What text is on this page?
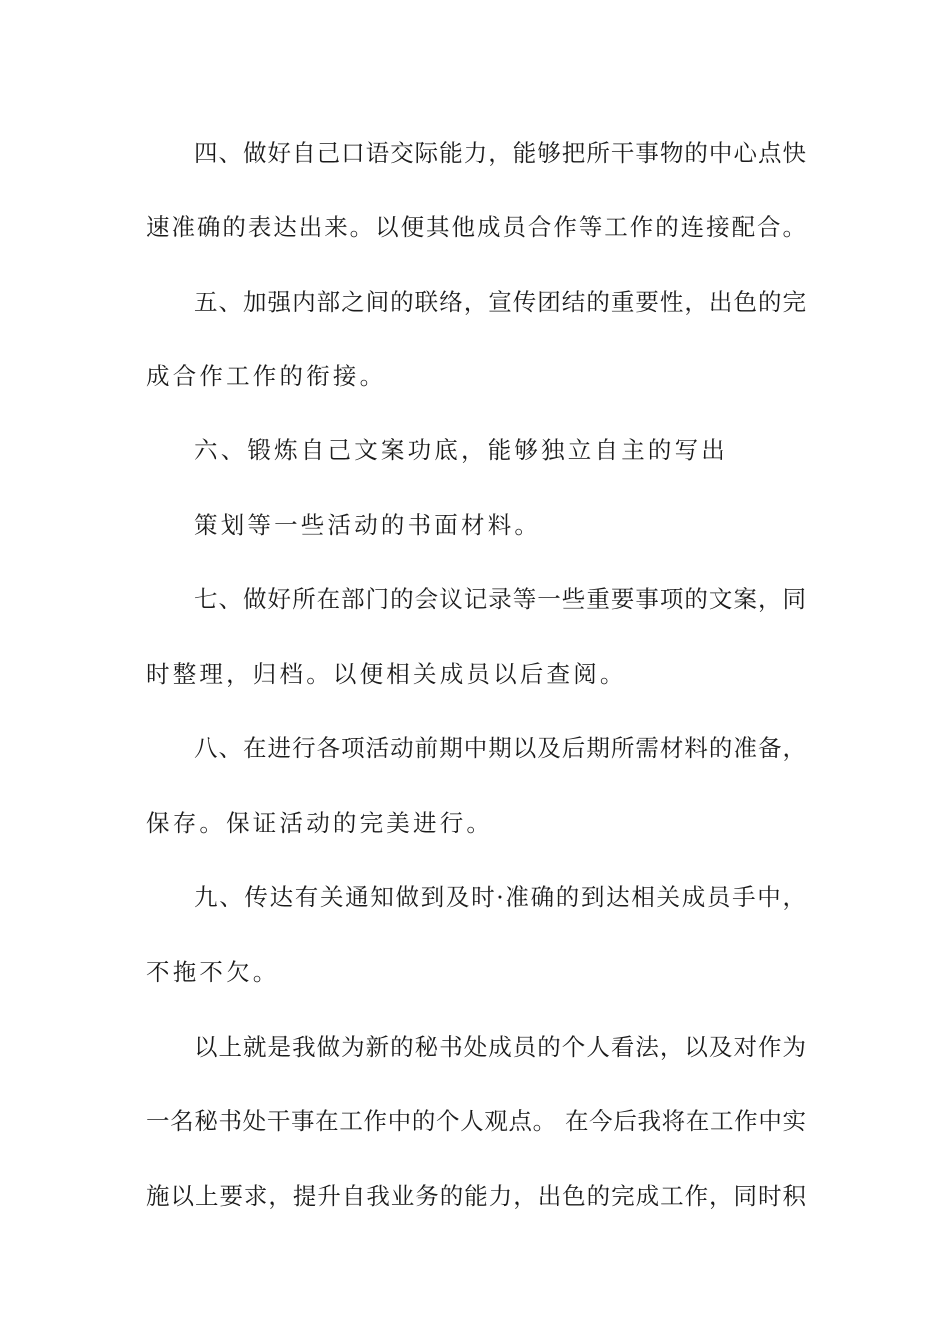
四、做好自己口语交际能力，能够把所干事物的中心点快
速准确的表达出来。以便其他成员合作等工作的连接配合。
五、加强内部之间的联络，宣传团结的重要性，出色的完
成合作工作的衔接。
六、锻炼自己文案功底，能够独立自主的写出
策划等一些活动的书面材料。
七、做好所在部门的会议记录等一些重要事项的文案，同
时整理，归档。以便相关成员以后查阅。
八、在进行各项活动前期中期以及后期所需材料的准备，
保存。保证活动的完美进行。
九、传达有关通知做到及时·准确的到达相关成员手中，
不拖不欠。
以上就是我做为新的秘书处成员的个人看法，以及对作为
一名秘书处干事在工作中的个人观点。 在今后我将在工作中实
施以上要求，提升自我业务的能力，出色的完成工作，同时积
